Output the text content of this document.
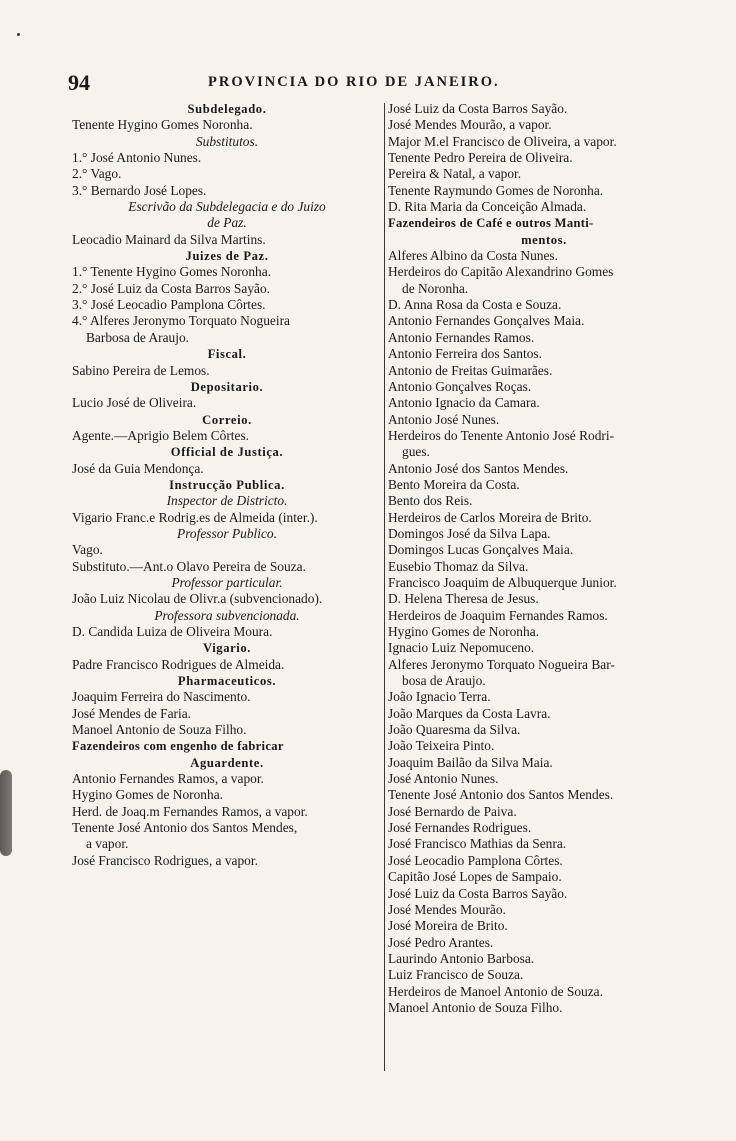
94	PROVINCIA DO RIO DE JANEIRO.
Subdelegado.
Tenente Hygino Gomes Noronha.
Substitutos.
1.° José Antonio Nunes.
2.° Vago.
3.° Bernardo José Lopes.
Escrivão da Subdelegacia e do Juizo
de Paz.
Leocadio Mainard da Silva Martins.
Juizes de Paz.
1.° Tenente Hygino Gomes Noronha.
2.° José Luiz da Costa Barros Sayão.
3.° José Leocadio Pamplona Côrtes.
4.° Alferes Jeronymo Torquato Nogueira
Barbosa de Araujo.
Fiscal.
Sabino Pereira de Lemos.
Depositario.
Lucio José de Oliveira.
Correio.
Agente.—Aprigio Belem Côrtes.
Official de Justiça.
José da Guia Mendonça.
Instrucção Publica.
Inspector de Districto.
Vigario Franc.e Rodrig.es de Almeida (inter.).
Professor Publico.
Vago.
Substituto.—Ant.o Olavo Pereira de Souza.
Professor particular.
João Luiz Nicolau de Olivr.a (subvencionado).
Professora subvencionada.
D. Candida Luiza de Oliveira Moura.
Vigario.
Padre Francisco Rodrigues de Almeida.
Pharmaceuticos.
Joaquim Ferreira do Nascimento.
José Mendes de Faria.
Manoel Antonio de Souza Filho.
Fazendeiros com engenho de fabricar
Aguardente.
Antonio Fernandes Ramos, a vapor.
Hygino Gomes de Noronha.
Herd. de Joaq.m Fernandes Ramos, a vapor.
Tenente José Antonio dos Santos Mendes,
a vapor.
José Francisco Rodrigues, a vapor.
José Luiz da Costa Barros Sayão.
José Mendes Mourão, a vapor.
Major M.el Francisco de Oliveira, a vapor.
Tenente Pedro Pereira de Oliveira.
Pereira & Natal, a vapor.
Tenente Raymundo Gomes de Noronha.
D. Rita Maria da Conceição Almada.
Fazendeiros de Café e outros Manti-
mentos.
Alferes Albino da Costa Nunes.
Herdeiros do Capitão Alexandrino Gomes
de Noronha.
D. Anna Rosa da Costa e Souza.
Antonio Fernandes Gonçalves Maia.
Antonio Fernandes Ramos.
Antonio Ferreira dos Santos.
Antonio de Freitas Guimarães.
Antonio Gonçalves Roças.
Antonio Ignacio da Camara.
Antonio José Nunes.
Herdeiros do Tenente Antonio José Rodri-
gues.
Antonio José dos Santos Mendes.
Bento Moreira da Costa.
Bento dos Reis.
Herdeiros de Carlos Moreira de Brito.
Domingos José da Silva Lapa.
Domingos Lucas Gonçalves Maia.
Eusebio Thomaz da Silva.
Francisco Joaquim de Albuquerque Junior.
D. Helena Theresa de Jesus.
Herdeiros de Joaquim Fernandes Ramos.
Hygino Gomes de Noronha.
Ignacio Luiz Nepomuceno.
Alferes Jeronymo Torquato Nogueira Bar-
bosa de Araujo.
João Ignacio Terra.
João Marques da Costa Lavra.
João Quaresma da Silva.
João Teixeira Pinto.
Joaquim Bailão da Silva Maia.
José Antonio Nunes.
Tenente José Antonio dos Santos Mendes.
José Bernardo de Paiva.
José Fernandes Rodrigues.
José Francisco Mathias da Senra.
José Leocadio Pamplona Côrtes.
Capitão José Lopes de Sampaio.
José Luiz da Costa Barros Sayão.
José Mendes Mourão.
José Moreira de Brito.
José Pedro Arantes.
Laurindo Antonio Barbosa.
Luiz Francisco de Souza.
Herdeiros de Manoel Antonio de Souza.
Manoel Antonio de Souza Filho.
